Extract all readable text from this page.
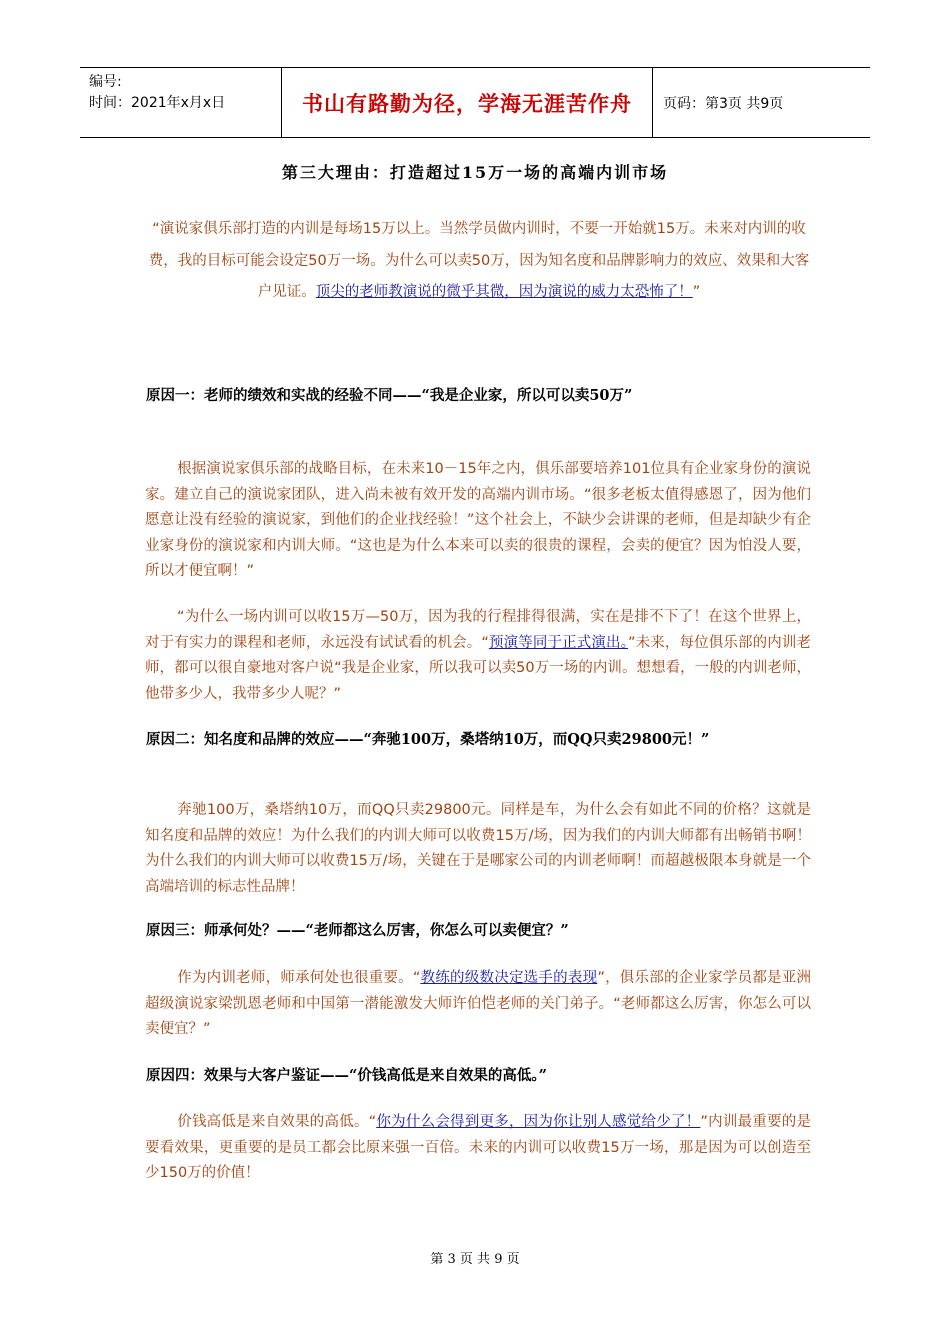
编号:
时间：2021年x月x日	书山有路勤为径，学海无涯苦作舟	页码：第3页 共9页
第三大理由：打造超过15万一场的高端内训市场
“演说家俱乐部打造的内训是每场15万以上。当然学员做内训时，不要一开始就15万。未来对内训的收费，我的目标可能会设定50万一场。为什么可以卖50万，因为知名度和品牌影响力的效应、效果和大客户见证。顶尖的老师教演说的微乎其微，因为演说的威力太恐怖了！”
原因一：老师的绩效和实战的经验不同——“我是企业家，所以可以卖50万”
根据演说家俱乐部的战略目标，在未来10－15年之内，俱乐部要培养101位具有企业家身份的演说家。建立自己的演说家团队，进入尚未被有效开发的高端内训市场。“很多老板太值得感恩了，因为他们愿意让没有经验的演说家，到他们的企业找经验！”这个社会上，不缺少会讲课的老师，但是却缺少有企业家身份的演说家和内训大师。“这也是为什么本来可以卖的很贵的课程，会卖的便宜？因为怕没人要，所以才便宜啊！”
“为什么一场内训可以收15万—50万，因为我的行程排得很满，实在是排不下了！在这个世界上，对于有实力的课程和老师，永远没有试试看的机会。“预演等同于正式演出。”未来，每位俱乐部的内训老师，都可以很自豪地对客户说“我是企业家，所以我可以卖50万一场的内训。想想看，一般的内训老师，他带多少人，我带多少人呢？”
原因二：知名度和品牌的效应——“奔驰100万，桑塔纳10万，而QQ只卖29800元！”
奔驰100万，桑塔纳10万，而QQ只卖29800元。同样是车，为什么会有如此不同的价格？这就是知名度和品牌的效应！为什么我们的内训大师可以收费15万/场，因为我们的内训大师都有出畅销书啊！为什么我们的内训大师可以收费15万/场，关键在于是哪家公司的内训老师啊！而超越极限本身就是一个高端培训的标志性品牌！
原因三：师承何处？——“老师都这么厉害，你怎么可以卖便宜？”
作为内训老师，师承何处也很重要。“教练的级数决定选手的表现”，俱乐部的企业家学员都是亚洲超级演说家梁凯恩老师和中国第一潜能激发大师许伯恺老师的关门弟子。“老师都这么厉害，你怎么可以卖便宜？”
原因四：效果与大客户鉴证——“价钱高低是来自效果的高低。”
价钱高低是来自效果的高低。“你为什么会得到更多，因为你让别人感觉给少了！”内训最重要的是要看效果，更重要的是员工都会比原来强一百倍。未来的内训可以收费15万一场，那是因为可以创造至少150万的价值！
第 3 页 共 9 页
